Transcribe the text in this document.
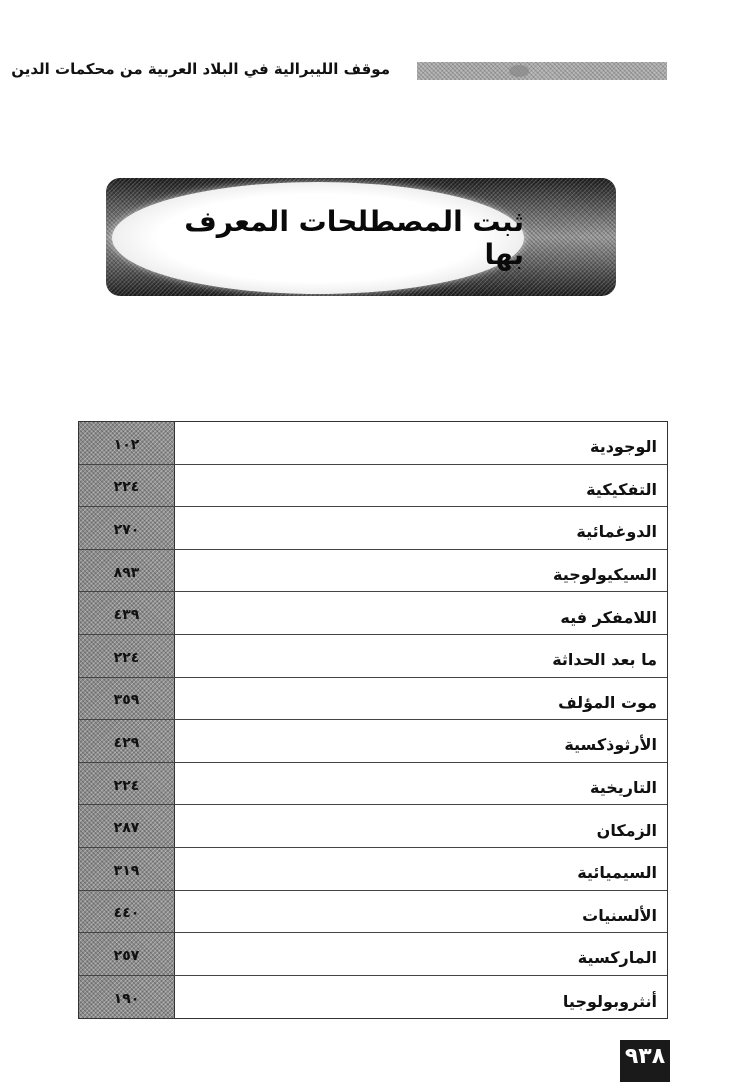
موقف الليبرالية في البلاد العربية من محكمات الدين
ثبت المصطلحات المعرف بها
١٠٢	الوجودية
٢٢٤	التفكيكية
٢٧٠	الدوغمائية
٨٩٣	السيكيولوجية
٤٣٩	اللامفكر فيه
٢٢٤	ما بعد الحداثة
٣٥٩	موت المؤلف
٤٢٩	الأرثوذكسية
٢٢٤	التاريخية
٢٨٧	الزمكان
٣١٩	السيميائية
٤٤٠	الألسنيات
٢٥٧	الماركسية
١٩٠	أنثروبولوجيا
٩٣٨
